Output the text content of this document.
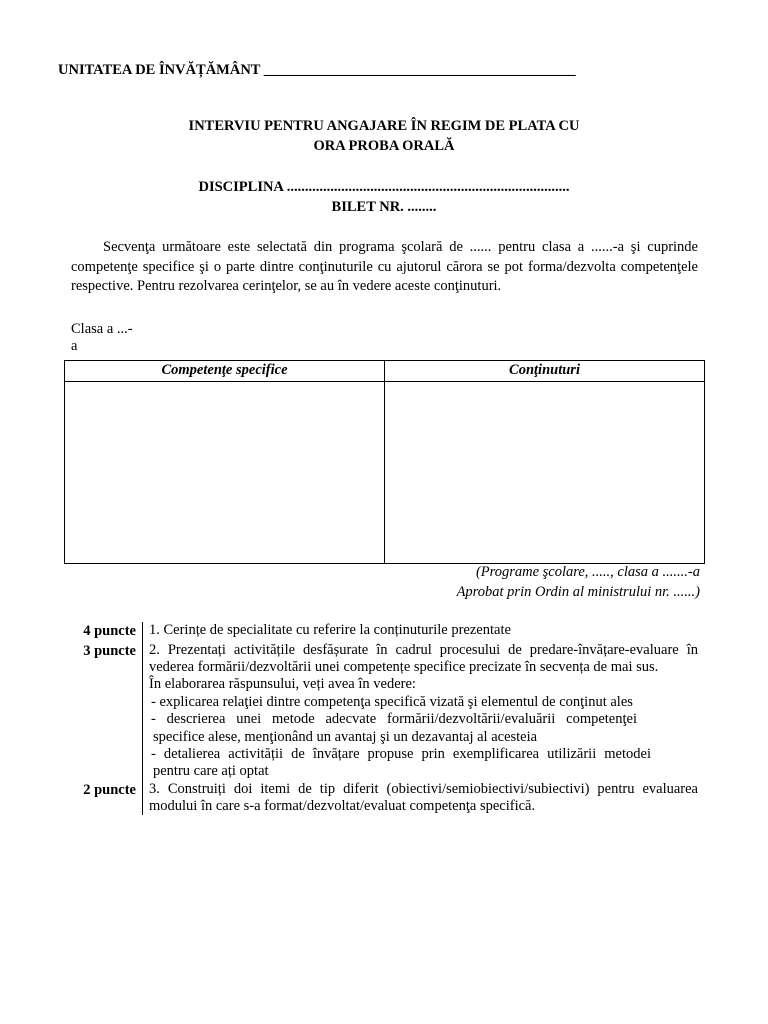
UNITATEA DE ÎNVĂȚĂMÂNT ___________________________________________
INTERVIU PENTRU ANGAJARE ÎN REGIM DE PLATA CU
ORA PROBA ORALĂ
DISCIPLINA ..............................................................................
BILET NR. ........
Secvenţa următoare este selectată din programa şcolară de ...... pentru clasa a ......-a şi cuprinde competenţe specifice şi o parte dintre conţinuturile cu ajutorul cărora se pot forma/dezvolta competenţele respective. Pentru rezolvarea cerinţelor, se au în vedere aceste conţinuturi.
Clasa a ...-
a
Competenţe specifice	Conţinuturi

(Programe şcolare, ....., clasa a .......-a
Aprobat prin Ordin al ministrului nr. ......)
4 puncte 1. Cerințe de specialitate cu referire la conținuturile prezentate
3 puncte 2. Prezentați activitățile desfășurate în cadrul procesului de predare-învățare-evaluare în
vederea formării/dezvoltării unei competențe specifice precizate în secvența de mai sus.
În elaborarea răspunsului, veți avea în vedere:
- explicarea relaţiei dintre competenţa specifică vizată şi elementul de conţinut ales
- descrierea unei metode adecvate formării/dezvoltării/evaluării competenţei
specifice alese, menţionând un avantaj şi un dezavantaj al acesteia
- detalierea activității de învățare propuse prin exemplificarea utilizării metodei
pentru care ați optat
2 puncte 3. Construiți doi itemi de tip diferit (obiectivi/semiobiectivi/subiectivi) pentru evaluarea
modului în care s-a format/dezvoltat/evaluat competenţa specifică.
